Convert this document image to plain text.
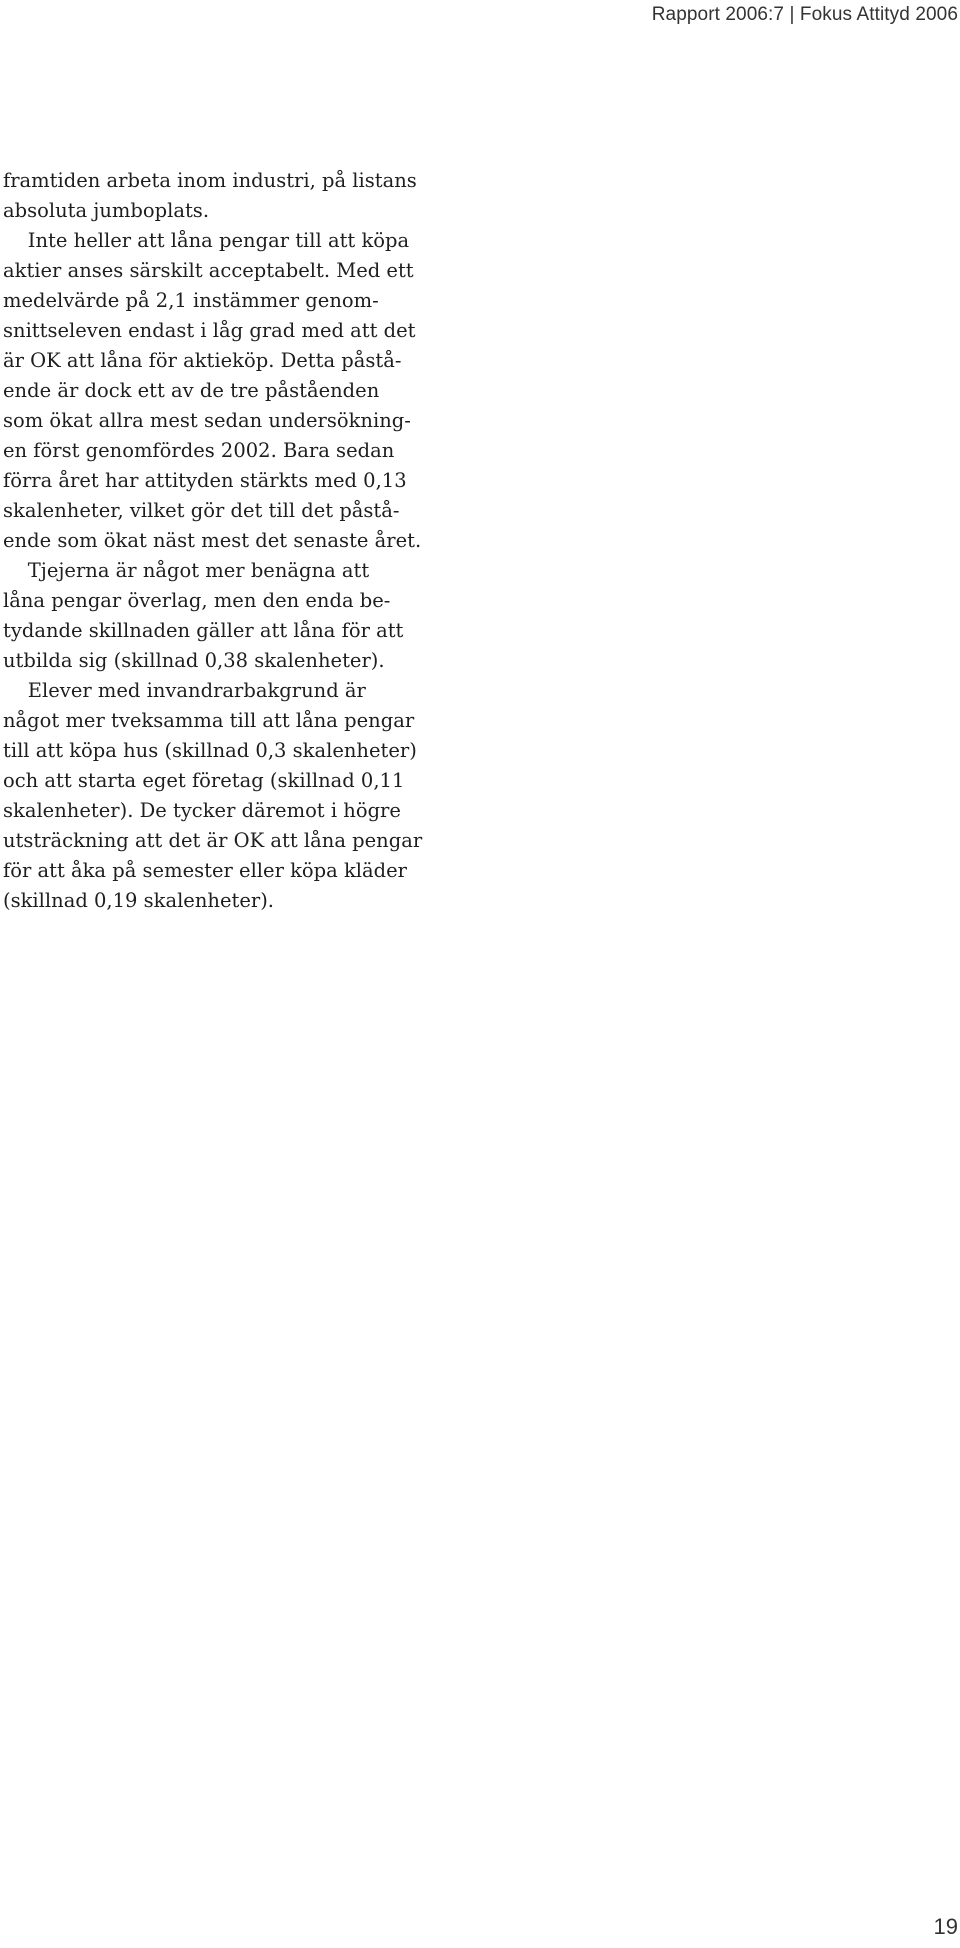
Rapport 2006:7 | Fokus Attityd 2006
framtiden arbeta inom industri, på listans
absoluta jumboplats.
Inte heller att låna pengar till att köpa
aktier anses särskilt acceptabelt. Med ett
medelvärde på 2,1 instämmer genom-
snittseleven endast i låg grad med att det
är OK att låna för aktieköp. Detta påstå-
ende är dock ett av de tre påståenden
som ökat allra mest sedan undersökning-
en först genomfördes 2002. Bara sedan
förra året har attityden stärkts med 0,13
skalenheter, vilket gör det till det påstå-
ende som ökat näst mest det senaste året.
Tjejerna är något mer benägna att
låna pengar överlag, men den enda be-
tydande skillnaden gäller att låna för att
utbilda sig (skillnad 0,38 skalenheter).
Elever med invandrarbakgrund är
något mer tveksamma till att låna pengar
till att köpa hus (skillnad 0,3 skalenheter)
och att starta eget företag (skillnad 0,11
skalenheter). De tycker däremot i högre
utsträckning att det är OK att låna pengar
för att åka på semester eller köpa kläder
(skillnad 0,19 skalenheter).
19
